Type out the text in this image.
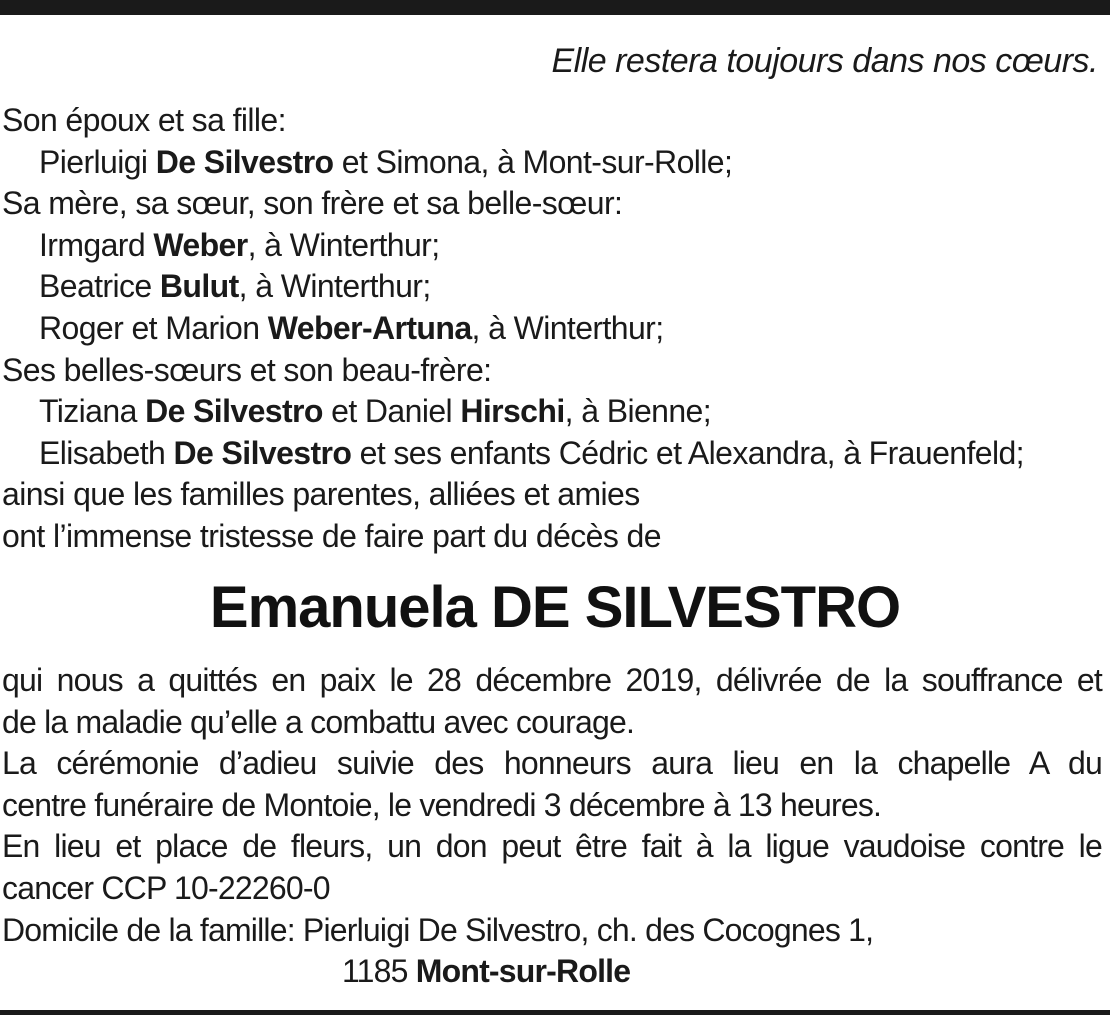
Elle restera toujours dans nos cœurs.
Son époux et sa fille:
Pierluigi De Silvestro et Simona, à Mont-sur-Rolle;
Sa mère, sa sœur, son frère et sa belle-sœur:
Irmgard Weber, à Winterthur;
Beatrice Bulut, à Winterthur;
Roger et Marion Weber-Artuna, à Winterthur;
Ses belles-sœurs et son beau-frère:
Tiziana De Silvestro et Daniel Hirschi, à Bienne;
Elisabeth De Silvestro et ses enfants Cédric et Alexandra, à Frauenfeld;
ainsi que les familles parentes, alliées et amies
ont l’immense tristesse de faire part du décès de
Emanuela DE SILVESTRO
qui nous a quittés en paix le 28 décembre 2019, délivrée de la souffrance et
de la maladie qu’elle a combattu avec courage.
La cérémonie d’adieu suivie des honneurs aura lieu en la chapelle A du
centre funéraire de Montoie, le vendredi 3 décembre à 13 heures.
En lieu et place de fleurs, un don peut être fait à la ligue vaudoise contre le
cancer CCP 10-22260-0
Domicile de la famille: Pierluigi De Silvestro, ch. des Cocognes 1,
1185 Mont-sur-Rolle
